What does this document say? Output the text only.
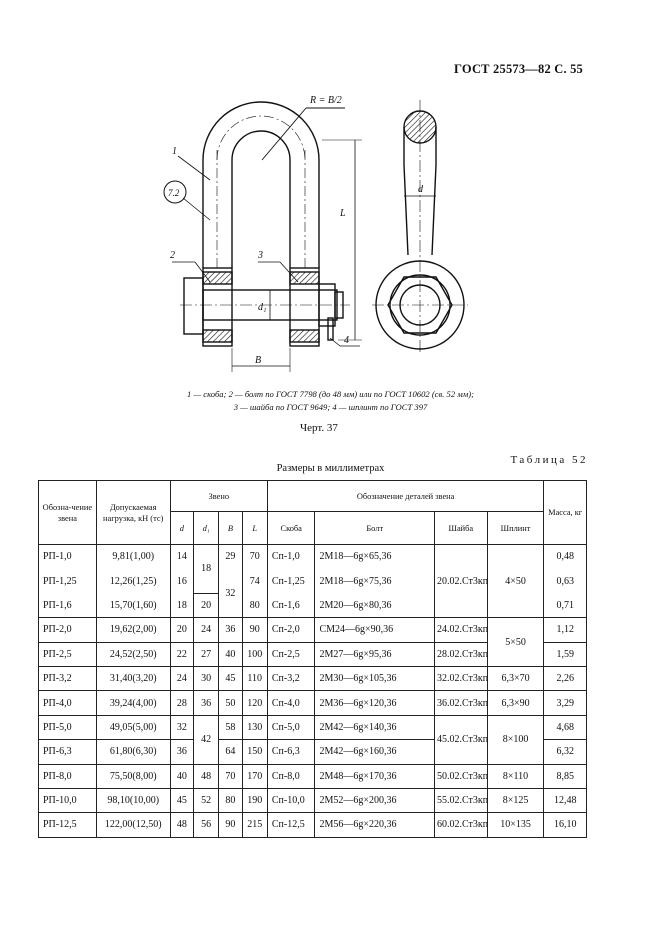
ГОСТ 25573—82 С. 55
R = B/2
1
7.2
2	3
4
L
B
d₁
d
1 — скоба; 2 — болт по ГОСТ 7798 (до 48 мм) или по ГОСТ 10602 (св. 52 мм);
3 — шайба по ГОСТ 9649; 4 — шплинт по ГОСТ 397
Черт. 37
Таблица 52
Размеры в миллиметрах
Обозна-чение звена	Допускаемая нагрузка, кН (тс)	Звено				Обозначение деталей звена				Масса, кг
		d	d₁	B	L	Скоба	Болт	Шайба	Шплинт	
РП-1,0	9,81(1,00)	14	18	29	70	Сп-1,0	2М18—6g×65,36	20.02.Ст3кп	4×50	0,48
РП-1,25	12,26(1,25)	16		32	74	Сп-1,25	2М18—6g×75,36			0,63
РП-1,6	15,70(1,60)	18	20		80	Сп-1,6	2М20—6g×80,36			0,71
РП-2,0	19,62(2,00)	20	24	36	90	Сп-2,0	СМ24—6g×90,36	24.02.Ст3кп	5×50	1,12
РП-2,5	24,52(2,50)	22	27	40	100	Сп-2,5	2М27—6g×95,36	28.02.Ст3кп		1,59
РП-3,2	31,40(3,20)	24	30	45	110	Сп-3,2	2М30—6g×105,36	32.02.Ст3кп	6,3×70	2,26
РП-4,0	39,24(4,00)	28	36	50	120	Сп-4,0	2М36—6g×120,36	36.02.Ст3кп	6,3×90	3,29
РП-5,0	49,05(5,00)	32	42	58	130	Сп-5,0	2М42—6g×140,36	45.02.Ст3кп	8×100	4,68
РП-6,3	61,80(6,30)	36		64	150	Сп-6,3	2М42—6g×160,36			6,32
РП-8,0	75,50(8,00)	40	48	70	170	Сп-8,0	2М48—6g×170,36	50.02.Ст3кп	8×110	8,85
РП-10,0	98,10(10,00)	45	52	80	190	Сп-10,0	2М52—6g×200,36	55.02.Ст3кп	8×125	12,48
РП-12,5	122,00(12,50)	48	56	90	215	Сп-12,5	2М56—6g×220,36	60.02.Ст3кп	10×135	16,10
